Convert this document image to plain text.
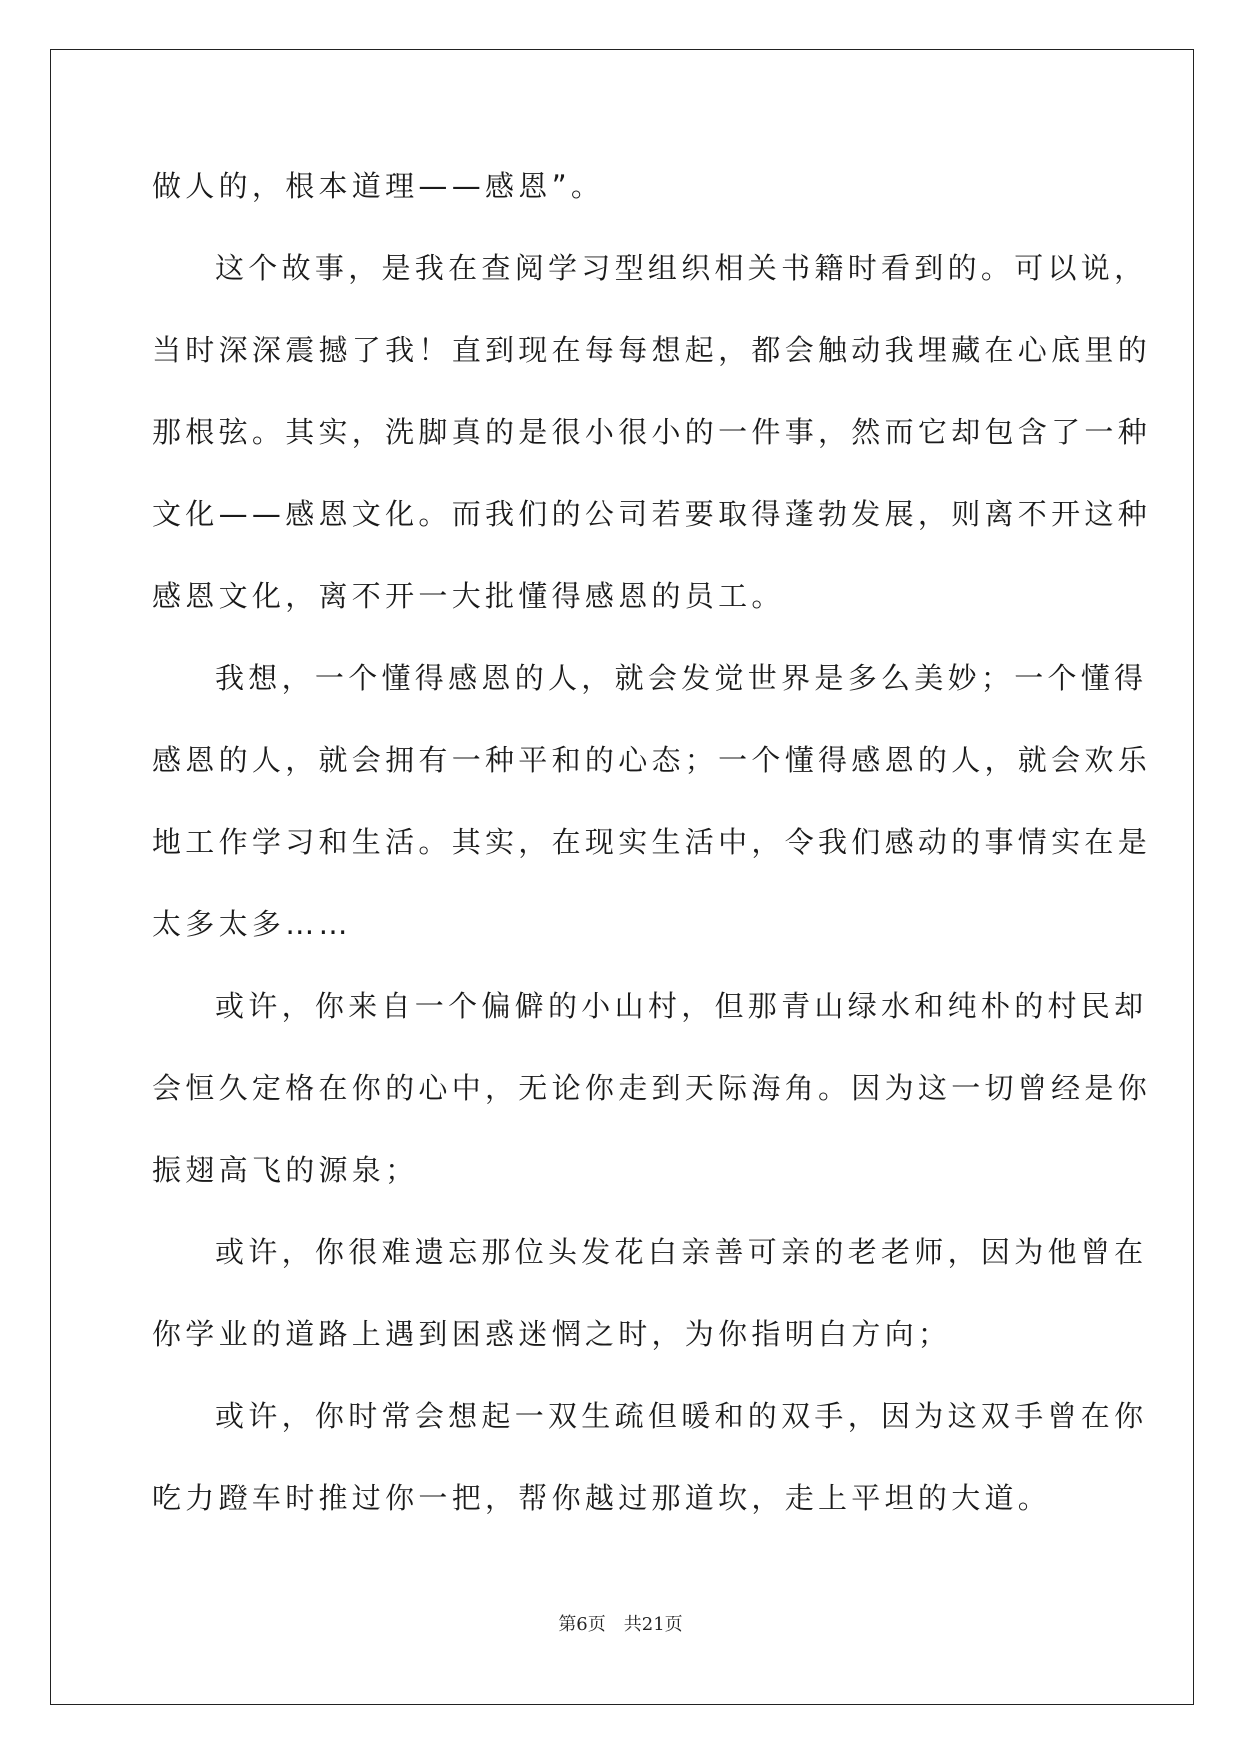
做人的，根本道理——感恩”。
这个故事，是我在查阅学习型组织相关书籍时看到的。可以说，
当时深深震撼了我！直到现在每每想起，都会触动我埋藏在心底里的
那根弦。其实，洗脚真的是很小很小的一件事，然而它却包含了一种
文化——感恩文化。而我们的公司若要取得蓬勃发展，则离不开这种
感恩文化，离不开一大批懂得感恩的员工。
我想，一个懂得感恩的人，就会发觉世界是多么美妙；一个懂得
感恩的人，就会拥有一种平和的心态；一个懂得感恩的人，就会欢乐
地工作学习和生活。其实，在现实生活中，令我们感动的事情实在是
太多太多……
或许，你来自一个偏僻的小山村，但那青山绿水和纯朴的村民却
会恒久定格在你的心中，无论你走到天际海角。因为这一切曾经是你
振翅高飞的源泉；
或许，你很难遗忘那位头发花白亲善可亲的老老师，因为他曾在
你学业的道路上遇到困惑迷惘之时，为你指明白方向；
或许，你时常会想起一双生疏但暖和的双手，因为这双手曾在你
吃力蹬车时推过你一把，帮你越过那道坎，走上平坦的大道。
第6页　共21页
